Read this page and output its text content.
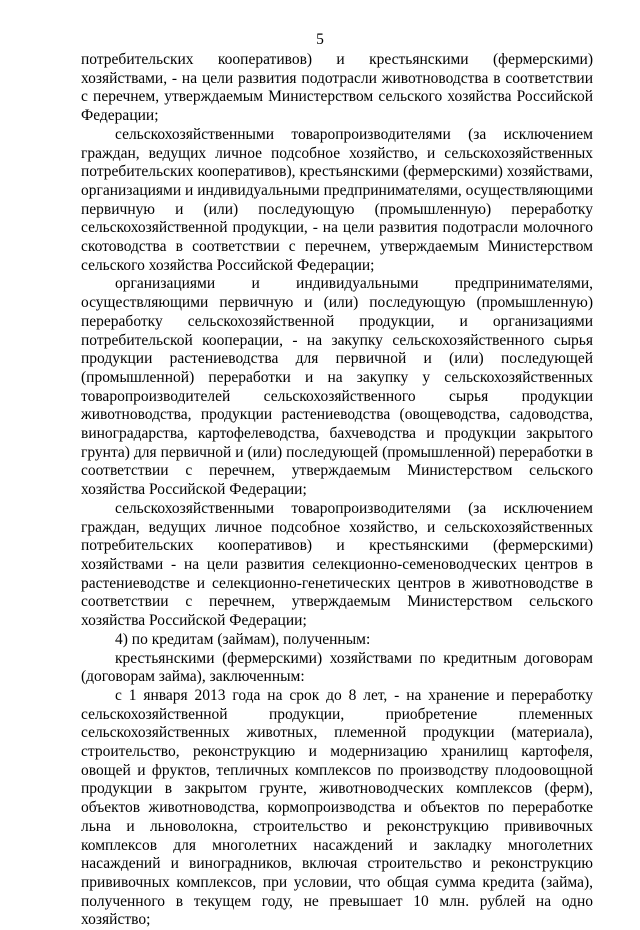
5

потребительских кооперативов) и крестьянскими (фермерскими) хозяйствами, - на цели развития подотрасли животноводства в соответствии с перечнем, утверждаемым Министерством сельского хозяйства Российской Федерации;

сельскохозяйственными товаропроизводителями (за исключением граждан, ведущих личное подсобное хозяйство, и сельскохозяйственных потребительских кооперативов), крестьянскими (фермерскими) хозяйствами, организациями и индивидуальными предпринимателями, осуществляющими первичную и (или) последующую (промышленную) переработку сельскохозяйственной продукции, - на цели развития подотрасли молочного скотоводства в соответствии с перечнем, утверждаемым Министерством сельского хозяйства Российской Федерации;

организациями и индивидуальными предпринимателями, осуществляющими первичную и (или) последующую (промышленную) переработку сельскохозяйственной продукции, и организациями потребительской кооперации, - на закупку сельскохозяйственного сырья продукции растениеводства для первичной и (или) последующей (промышленной) переработки и на закупку у сельскохозяйственных товаропроизводителей сельскохозяйственного сырья продукции животноводства, продукции растениеводства (овощеводства, садоводства, виноградарства, картофелеводства, бахчеводства и продукции закрытого грунта) для первичной и (или) последующей (промышленной) переработки в соответствии с перечнем, утверждаемым Министерством сельского хозяйства Российской Федерации;

сельскохозяйственными товаропроизводителями (за исключением граждан, ведущих личное подсобное хозяйство, и сельскохозяйственных потребительских кооперативов) и крестьянскими (фермерскими) хозяйствами - на цели развития селекционно-семеноводческих центров в растениеводстве и селекционно-генетических центров в животноводстве в соответствии с перечнем, утверждаемым Министерством сельского хозяйства Российской Федерации;

4) по кредитам (займам), полученным:

крестьянскими (фермерскими) хозяйствами по кредитным договорам (договорам займа), заключенным:

с 1 января 2013 года на срок до 8 лет, - на хранение и переработку сельскохозяйственной продукции, приобретение племенных сельскохозяйственных животных, племенной продукции (материала), строительство, реконструкцию и модернизацию хранилищ картофеля, овощей и фруктов, тепличных комплексов по производству плодоовощной продукции в закрытом грунте, животноводческих комплексов (ферм), объектов животноводства, кормопроизводства и объектов по переработке льна и льноволокна, строительство и реконструкцию прививочных комплексов для многолетних насаждений и закладку многолетних насаждений и виноградников, включая строительство и реконструкцию прививочных комплексов, при условии, что общая сумма кредита (займа), полученного в текущем году, не превышает 10 млн. рублей на одно хозяйство;
